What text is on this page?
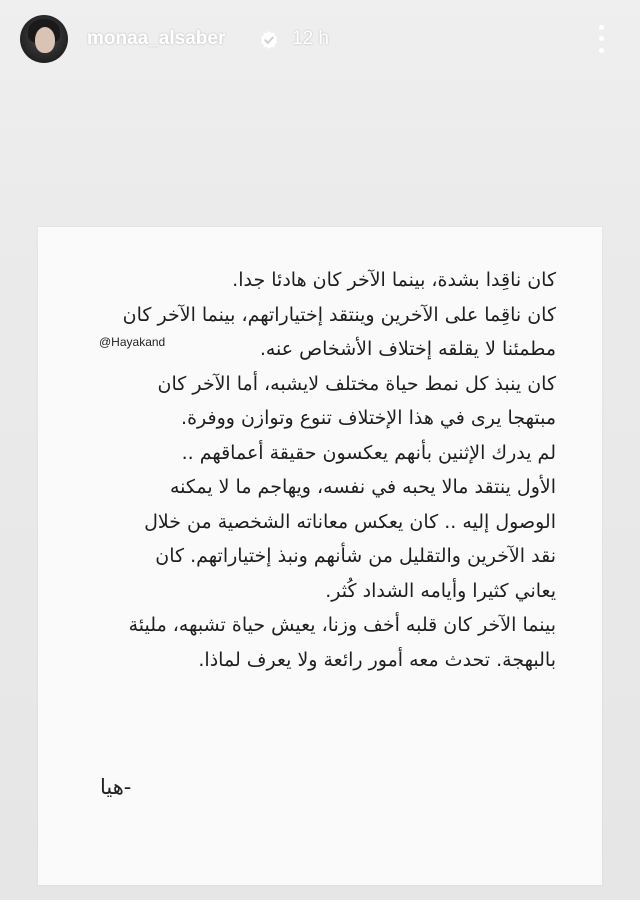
monaa_alsaber	12 h
كان ناقِدا بشدة، بينما الآخر كان هادئا جدا.
كان ناقِما على الآخرين وينتقد إختياراتهم، بينما الآخر كان
مطمئنا لا يقلقه إختلاف الأشخاص عنه.
كان ينبذ كل نمط حياة مختلف لايشبه، أما الآخر كان
مبتهجا يرى في هذا الإختلاف تنوع وتوازن ووفرة.
لم يدرك الإثنين بأنهم يعكسون حقيقة أعماقهم ..
الأول ينتقد مالا يحبه في نفسه، ويهاجم ما لا يمكنه
الوصول إليه .. كان يعكس معاناته الشخصية من خلال
نقد الآخرين والتقليل من شأنهم ونبذ إختياراتهم. كان
يعاني كثيرا وأيامه الشداد كُثر.
بينما الآخر كان قلبه أخف وزنا، يعيش حياة تشبهه، مليئة
بالبهجة. تحدث معه أمور رائعة ولا يعرف لماذا.
@Hayakand
-هيا
